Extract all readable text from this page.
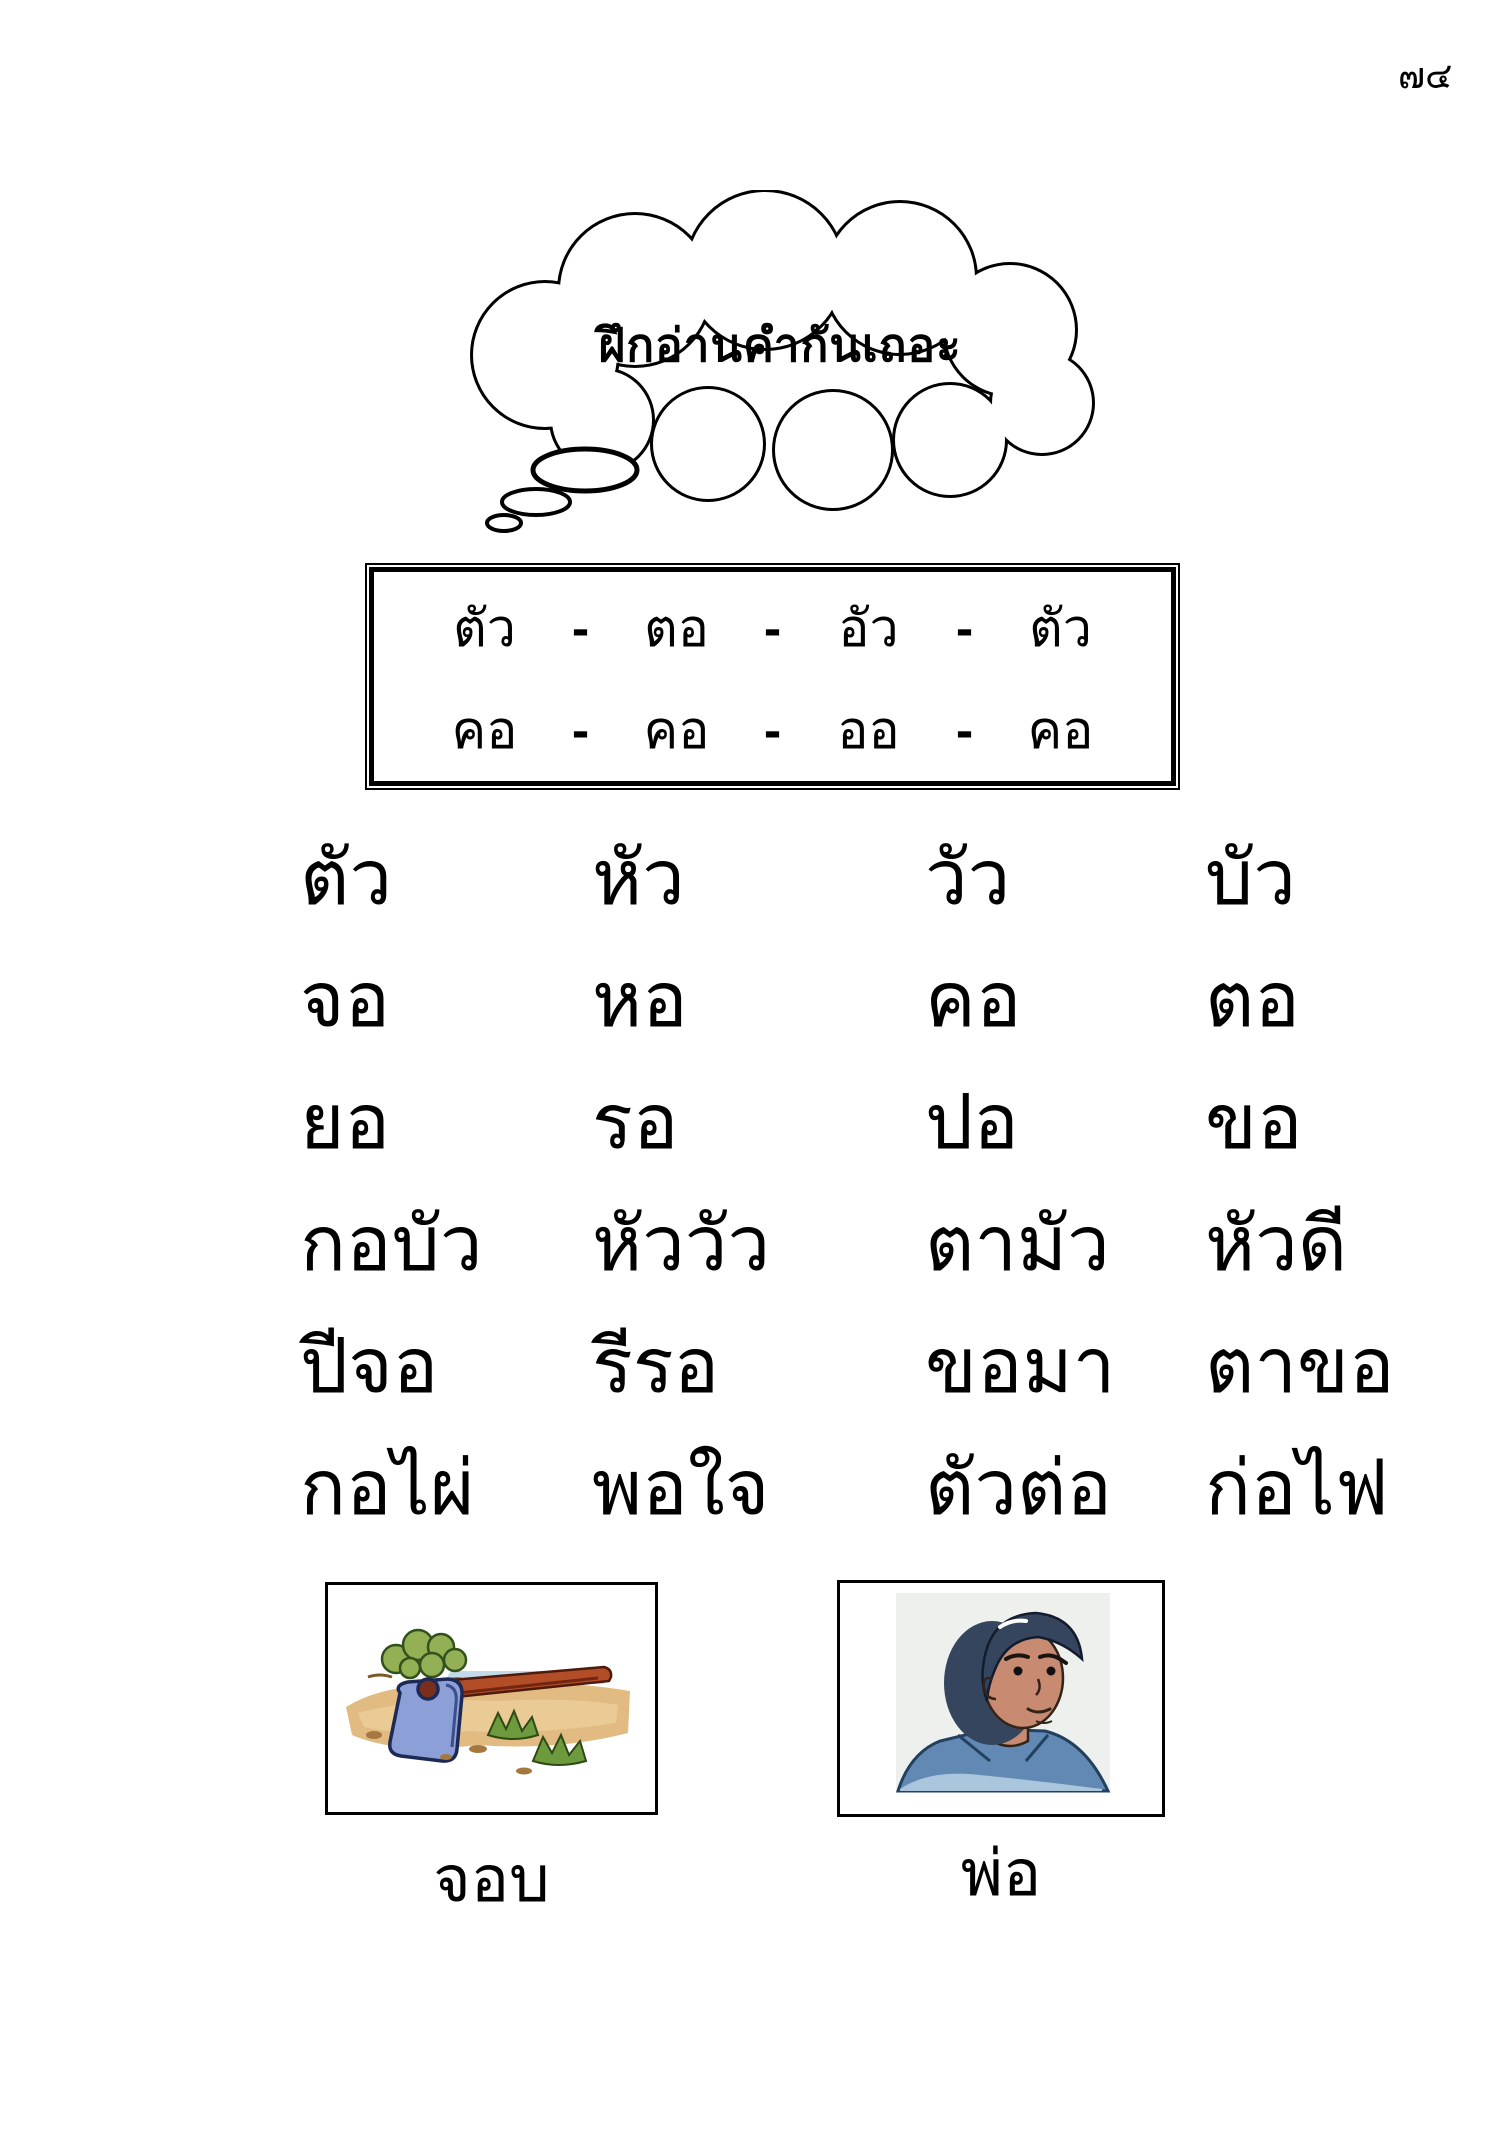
๗๔
ฝึกอ่านคำกันเถอะ
ตัว	-	ตอ	-	อัว	-	ตัว
คอ	-	คอ	-	ออ	-	คอ
ตัว	หัว	วัว	บัว
จอ	หอ	คอ	ตอ
ยอ	รอ	ปอ	ขอ
กอบัว	หัววัว	ตามัว	หัวดี
ปีจอ	รีรอ	ขอมา	ตาขอ
กอไผ่	พอใจ	ตัวต่อ	ก่อไฟ
จอบ	พ่อ
